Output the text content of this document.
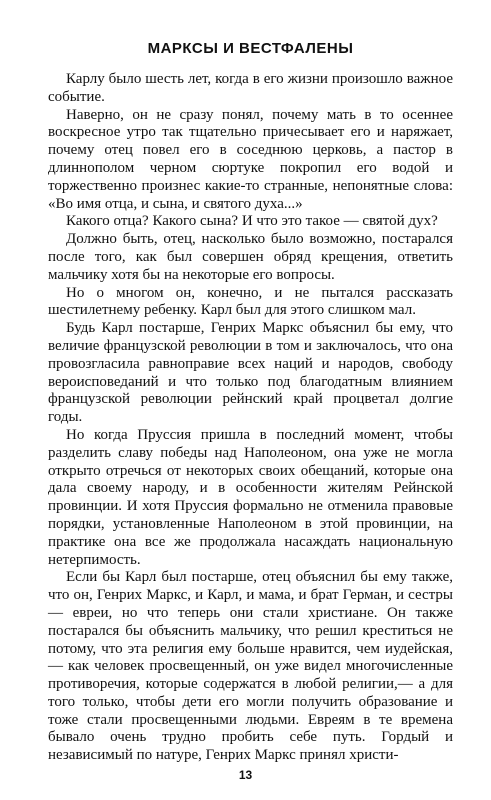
МАРКСЫ И ВЕСТФАЛЕНЫ

Карлу было шесть лет, когда в его жизни произошло важное событие.

Наверно, он не сразу понял, почему мать в то осеннее воскресное утро так тщательно причесывает его и наряжает, почему отец повел его в соседнюю церковь, а пастор в длиннополом черном сюртуке покропил его водой и торжественно произнес какие-то странные, непонятные слова: «Во имя отца, и сына, и святого духа...»

Какого отца? Какого сына? И что это такое — святой дух?

Должно быть, отец, насколько было возможно, постарался после того, как был совершен обряд крещения, ответить мальчику хотя бы на некоторые его вопросы.

Но о многом он, конечно, и не пытался рассказать шестилетнему ребенку. Карл был для этого слишком мал.

Будь Карл постарше, Генрих Маркс объяснил бы ему, что величие французской революции в том и заключалось, что она провозгласила равноправие всех наций и народов, свободу вероисповеданий и что только под благодатным влиянием французской революции рейнский край процветал долгие годы.

Но когда Пруссия пришла в последний момент, чтобы разделить славу победы над Наполеоном, она уже не могла открыто отречься от некоторых своих обещаний, которые она дала своему народу, и в особенности жителям Рейнской провинции. И хотя Пруссия формально не отменила правовые порядки, установленные Наполеоном в этой провинции, на практике она все же продолжала насаждать национальную нетерпимость.

Если бы Карл был постарше, отец объяснил бы ему также, что он, Генрих Маркс, и Карл, и мама, и брат Герман, и сестры — евреи, но что теперь они стали христиане. Он также постарался бы объяснить мальчику, что решил креститься не потому, что эта религия ему больше нравится, чем иудейская,— как человек просвещенный, он уже видел многочисленные противоречия, которые содержатся в любой религии,— а для того только, чтобы дети его могли получить образование и тоже стали просвещенными людьми. Евреям в те времена бывало очень трудно пробить себе путь. Гордый и независимый по натуре, Генрих Маркс принял христи-

13
